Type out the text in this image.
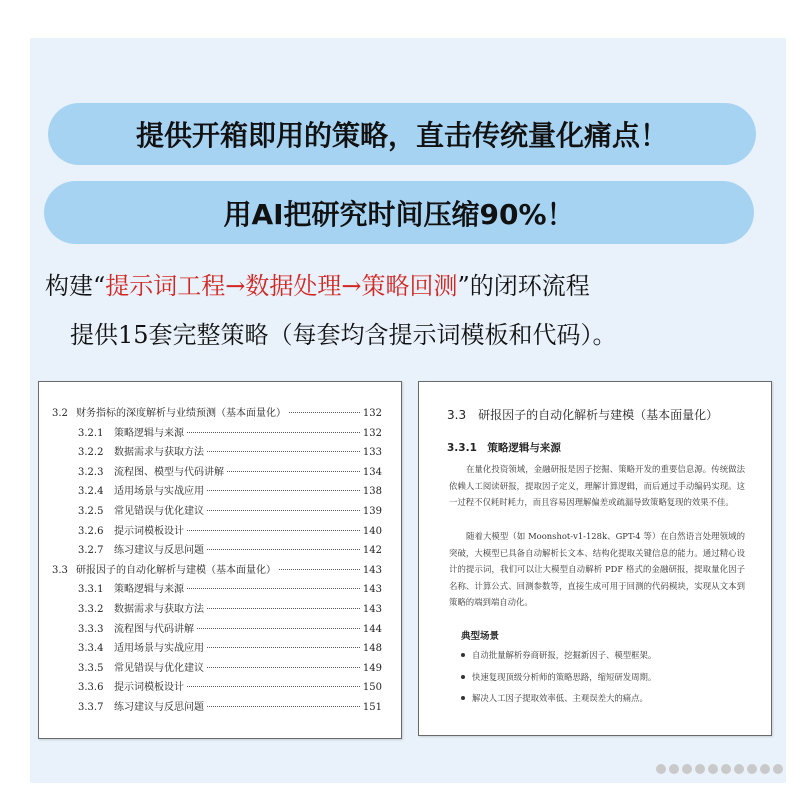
提供开箱即用的策略，直击传统量化痛点！
用AI把研究时间压缩90%！
构建“提示词工程→数据处理→策略回测”的闭环流程
提供15套完整策略（每套均含提示词模板和代码）。
3.2 财务指标的深度解析与业绩预测（基本面量化）	132
3.2.1	策略逻辑与来源	132
3.2.2	数据需求与获取方法	133
3.2.3	流程图、模型与代码讲解	134
3.2.4	适用场景与实战应用	138
3.2.5	常见错误与优化建议	139
3.2.6	提示词模板设计	140
3.2.7	练习建议与反思问题	142
3.3 研报因子的自动化解析与建模（基本面量化）	143
3.3.1	策略逻辑与来源	143
3.3.2	数据需求与获取方法	143
3.3.3	流程图与代码讲解	144
3.3.4	适用场景与实战应用	148
3.3.5	常见错误与优化建议	149
3.3.6	提示词模板设计	150
3.3.7	练习建议与反思问题	151
3.3　研报因子的自动化解析与建模（基本面量化）
3.3.1　策略逻辑与来源
在量化投资领域，金融研报是因子挖掘、策略开发的重要信息源。传统做法依赖人工阅读研报，提取因子定义，理解计算逻辑，而后通过手动编码实现。这一过程不仅耗时耗力，而且容易因理解偏差或疏漏导致策略复现的效果不佳。
随着大模型（如 Moonshot-v1-128k、GPT-4 等）在自然语言处理领域的突破，大模型已具备自动解析长文本、结构化提取关键信息的能力。通过精心设计的提示词，我们可以让大模型自动解析 PDF 格式的金融研报，提取量化因子名称、计算公式、回测参数等，直接生成可用于回测的代码模块，实现从文本到策略的端到端自动化。
典型场景
自动批量解析券商研报，挖掘新因子、模型框架。
快速复现顶级分析师的策略思路，缩短研发周期。
解决人工因子提取效率低、主观误差大的痛点。
